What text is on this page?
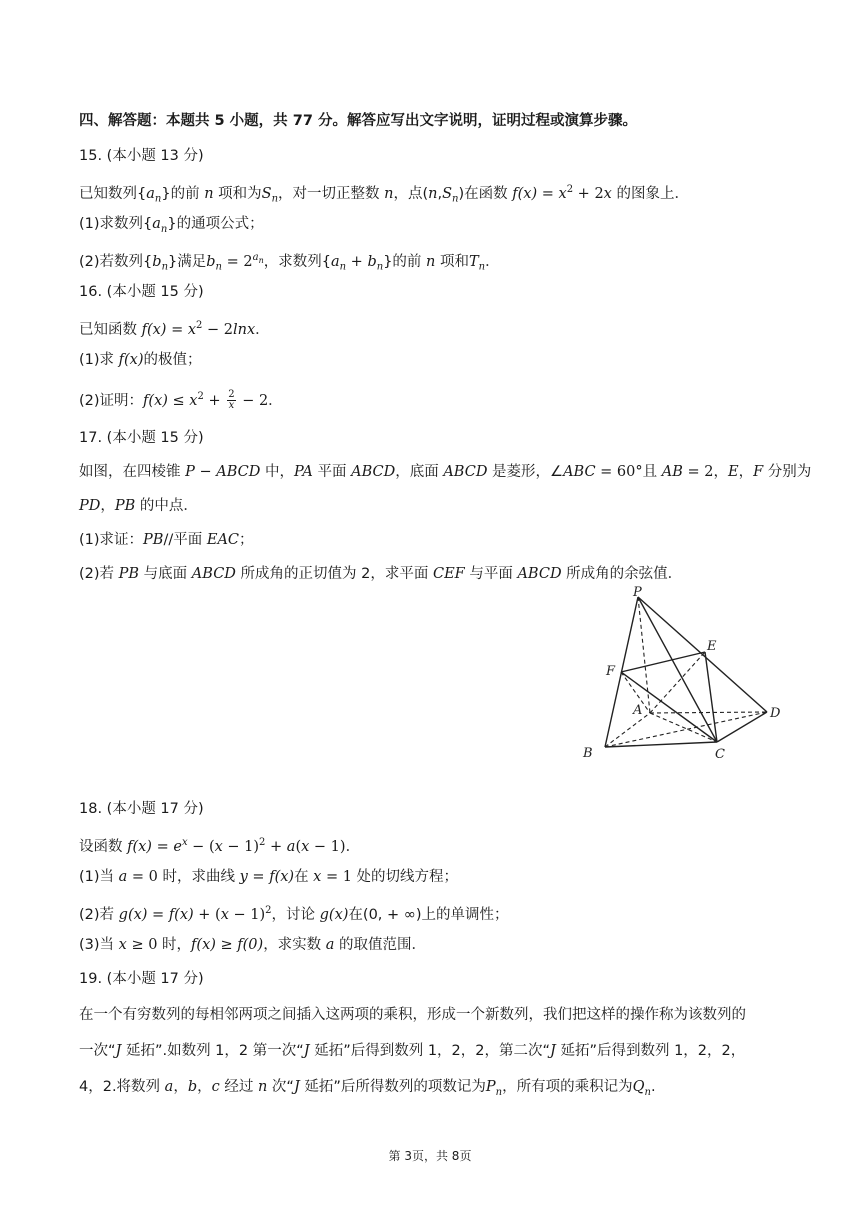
四、解答题：本题共 5 小题，共 77 分。解答应写出文字说明，证明过程或演算步骤。
15. (本小题 13 分)
已知数列$\{a_n\}$的前 n 项和为$S_n$，对一切正整数 n，点$(n,S_n)$在函数 $f(x) = x^2 + 2x$ 的图象上．
(1)求数列$\{a_n\}$的通项公式；
(2)若数列$\{b_n\}$满足$b_n = 2^{a_n}$，求数列$\{a_n + b_n\}$的前 n 项和$T_n$．
16. (本小题 15 分)
已知函数 $f(x) = x^2 - 2\ln x$．
(1)求 f(x)的极值；
(2)证明：$f(x) \le x^2 + \frac{2}{x} - 2$．
17. (本小题 15 分)
如图，在四棱锥 P − ABCD 中，PA 平面 ABCD，底面 ABCD 是菱形，∠ABC = 60°且 AB = 2，E，F 分别为
PD，PB 的中点．
(1)求证：PB//平面 EAC；
(2)若 PB 与底面 ABCD 所成角的正切值为 2，求平面 CEF 与平面 ABCD 所成角的余弦值．
P
E
F
A	D
B	C
18. (本小题 17 分)
设函数 $f(x) = e^x - (x - 1)^2 + a(x - 1)$．
(1)当 a = 0 时，求曲线 y = f(x)在 x = 1 处的切线方程；
(2)若 $g(x) = f(x) + (x - 1)^2$，讨论 g(x)在(0, + ∞)上的单调性；
(3)当 x ≥ 0 时，f(x) ≥ f(0)，求实数 a 的取值范围．
19. (本小题 17 分)
在一个有穷数列的每相邻两项之间插入这两项的乘积，形成一个新数列，我们把这样的操作称为该数列的
一次“J 延拓”.如数列 1，2 第一次“J 延拓”后得到数列 1，2，2，第二次“J 延拓”后得到数列 1，2，2，
4，2.将数列 a，b，c 经过 n 次“J 延拓”后所得数列的项数记为$P_n$，所有项的乘积记为$Q_n$.
第 3页，共 8页
